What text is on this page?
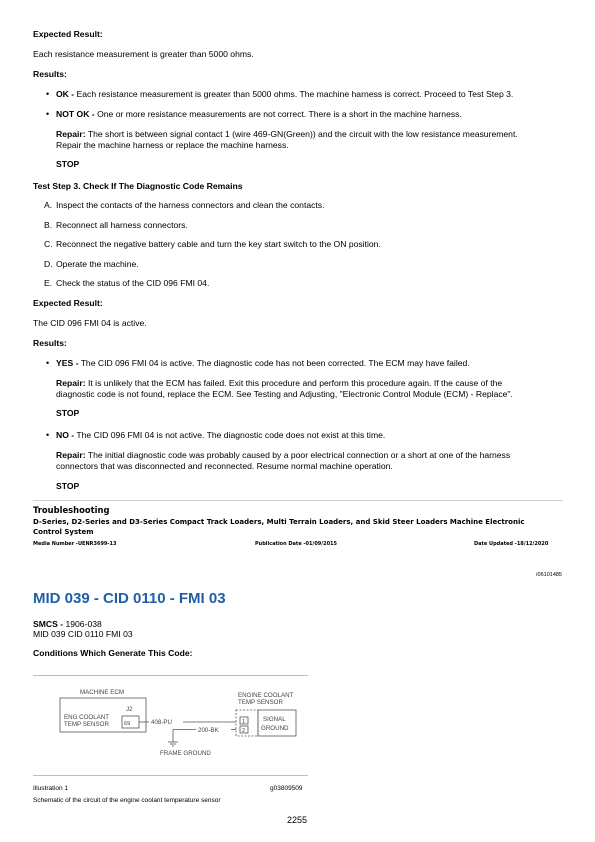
Expected Result:
Each resistance measurement is greater than 5000 ohms.
Results:
• OK - Each resistance measurement is greater than 5000 ohms. The machine harness is correct. Proceed to Test Step 3.
• NOT OK - One or more resistance measurements are not correct. There is a short in the machine harness.
Repair: The short is between signal contact 1 (wire 469-GN(Green)) and the circuit with the low resistance measurement.
Repair the machine harness or replace the machine harness.
STOP
Test Step 3. Check If The Diagnostic Code Remains
A. Inspect the contacts of the harness connectors and clean the contacts.
B. Reconnect all harness connectors.
C. Reconnect the negative battery cable and turn the key start switch to the ON position.
D. Operate the machine.
E. Check the status of the CID 096 FMI 04.
Expected Result:
The CID 096 FMI 04 is active.
Results:
• YES - The CID 096 FMI 04 is active. The diagnostic code has not been corrected. The ECM may have failed.
Repair: It is unlikely that the ECM has failed. Exit this procedure and perform this procedure again. If the cause of the
diagnostic code is not found, replace the ECM. See Testing and Adjusting, "Electronic Control Module (ECM) - Replace".
STOP
• NO - The CID 096 FMI 04 is not active. The diagnostic code does not exist at this time.
Repair: The initial diagnostic code was probably caused by a poor electrical connection or a short at one of the harness
connectors that was disconnected and reconnected. Resume normal machine operation.
STOP
Troubleshooting
D-Series, D2-Series and D3-Series Compact Track Loaders, Multi Terrain Loaders, and Skid Steer Loaders Machine Electronic
Control System
Media Number -UENR3699-13	Publication Date -01/09/2015	Date Updated -18/12/2020
i06101485
MID 039 - CID 0110 - FMI 03
SMCS - 1906-038
MID 039 CID 0110 FMI 03
Conditions Which Generate This Code:
MACHINE ECM
J2
ENG COOLANT
TEMP SENSOR	69	408-PU
200-BK
ENGINE COOLANT
TEMP SENSOR
1
2
SIGNAL
GROUND
FRAME GROUND
Illustration 1	g03809509
Schematic of the circuit of the engine coolant temperature sensor
2255
